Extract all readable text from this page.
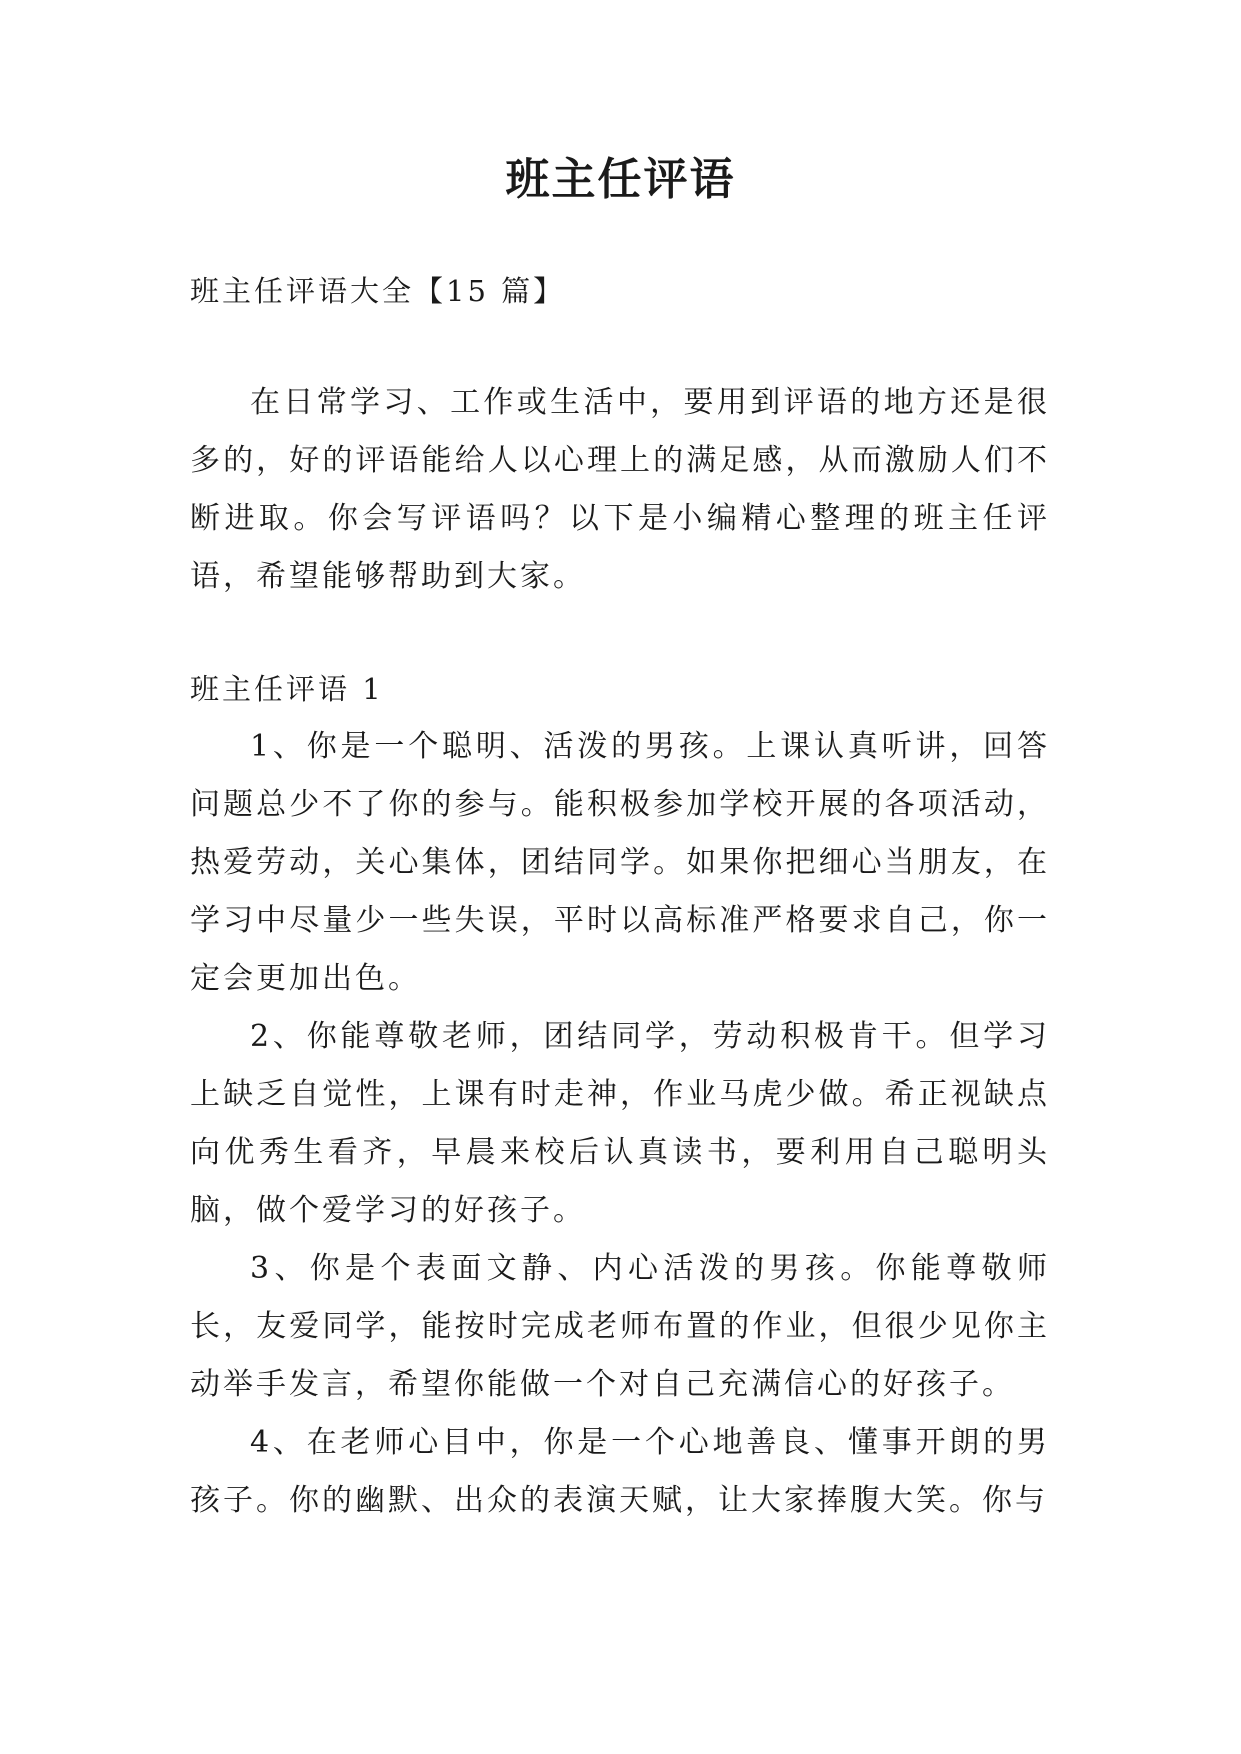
班主任评语

班主任评语大全【15 篇】

在日常学习、工作或生活中，要用到评语的地方还是很多的，好的评语能给人以心理上的满足感，从而激励人们不断进取。你会写评语吗？以下是小编精心整理的班主任评语，希望能够帮助到大家。

班主任评语 1

1、你是一个聪明、活泼的男孩。上课认真听讲，回答问题总少不了你的参与。能积极参加学校开展的各项活动，热爱劳动，关心集体，团结同学。如果你把细心当朋友，在学习中尽量少一些失误，平时以高标准严格要求自己，你一定会更加出色。

2、你能尊敬老师，团结同学，劳动积极肯干。但学习上缺乏自觉性，上课有时走神，作业马虎少做。希正视缺点向优秀生看齐，早晨来校后认真读书，要利用自己聪明头脑，做个爱学习的好孩子。

3、你是个表面文静、内心活泼的男孩。你能尊敬师长，友爱同学，能按时完成老师布置的作业，但很少见你主动举手发言，希望你能做一个对自己充满信心的好孩子。

4、在老师心目中，你是一个心地善良、懂事开朗的男孩子。你的幽默、出众的表演天赋，让大家捧腹大笑。你与
